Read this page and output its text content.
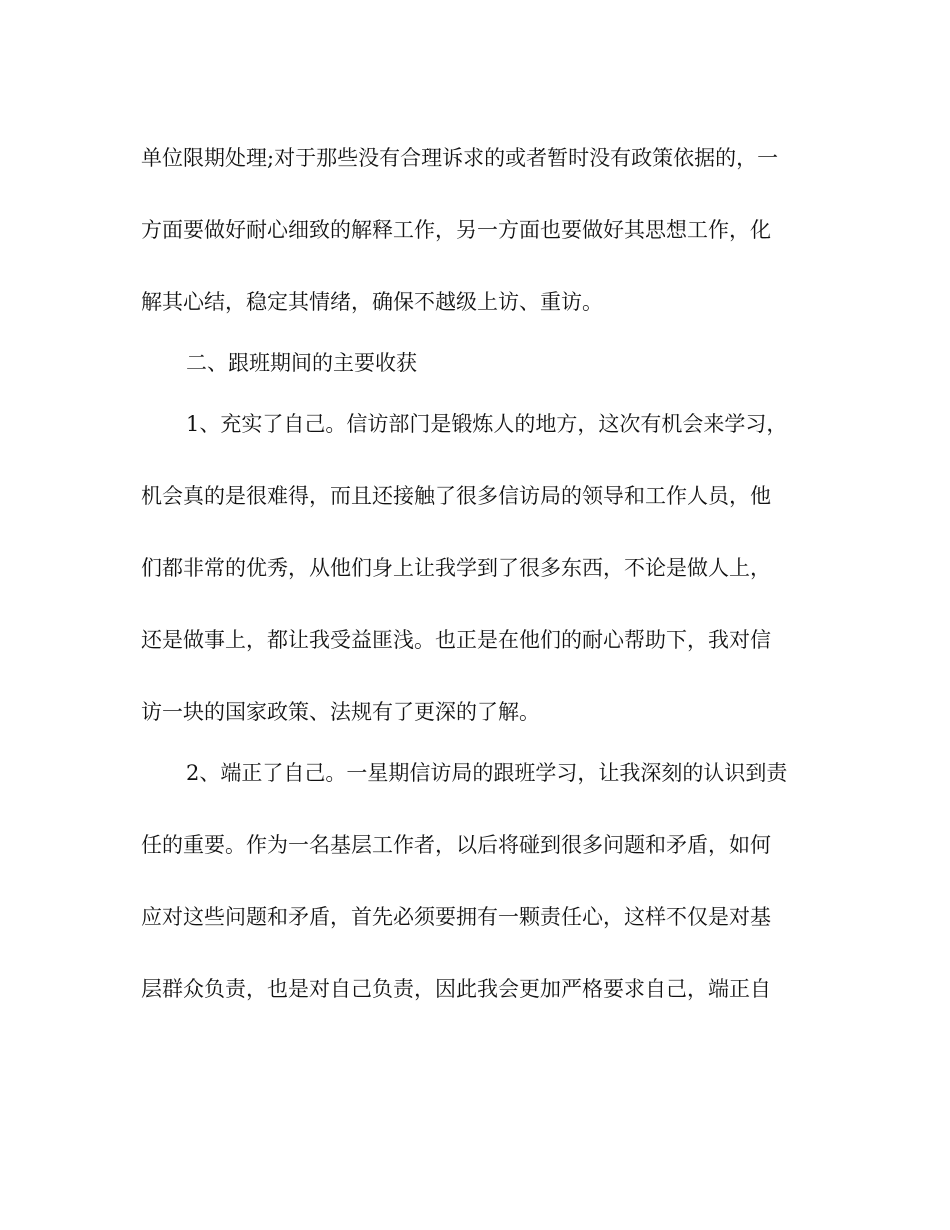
单位限期处理;对于那些没有合理诉求的或者暂时没有政策依据的，一
方面要做好耐心细致的解释工作，另一方面也要做好其思想工作，化
解其心结，稳定其情绪，确保不越级上访、重访。
二、跟班期间的主要收获
1、充实了自己。信访部门是锻炼人的地方，这次有机会来学习，
机会真的是很难得，而且还接触了很多信访局的领导和工作人员，他
们都非常的优秀，从他们身上让我学到了很多东西，不论是做人上，
还是做事上，都让我受益匪浅。也正是在他们的耐心帮助下，我对信
访一块的国家政策、法规有了更深的了解。
2、端正了自己。一星期信访局的跟班学习，让我深刻的认识到责
任的重要。作为一名基层工作者，以后将碰到很多问题和矛盾，如何
应对这些问题和矛盾，首先必须要拥有一颗责任心，这样不仅是对基
层群众负责，也是对自己负责，因此我会更加严格要求自己，端正自
